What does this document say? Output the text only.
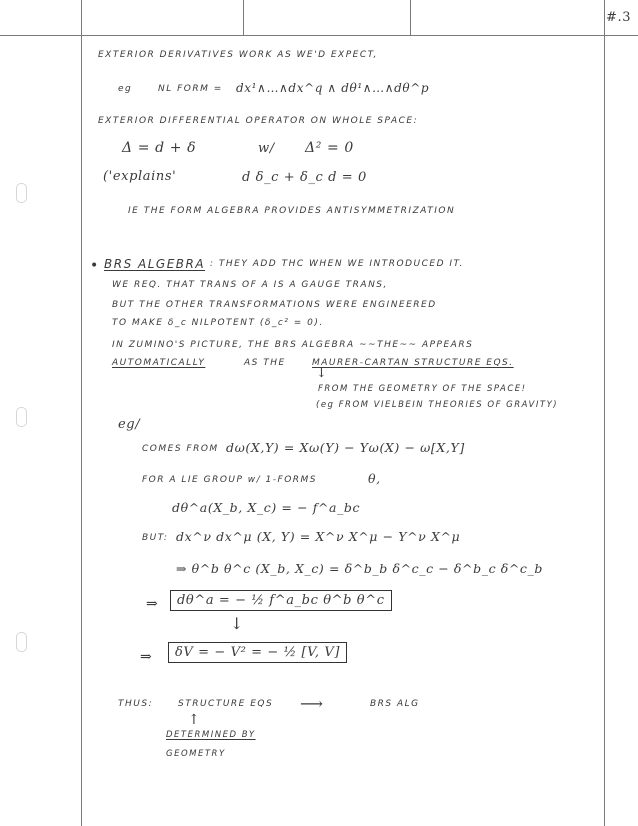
#.3
EXTERIOR DERIVATIVES WORK AS WE'D EXPECT,
eg	NL FORM = dx¹∧…∧dx^q ∧ dθ¹∧…∧dθ^p
EXTERIOR DIFFERENTIAL OPERATOR ON WHOLE SPACE:
Δ = d + δ	w/ Δ² = 0
('explains'	d δ_c + δ_c d = 0
IE THE FORM ALGEBRA PROVIDES ANTISYMMETRIZATION
• BRS ALGEBRA : THEY ADD THC WHEN WE INTRODUCED IT.
WE REQ. THAT TRANS OF A IS A GAUGE TRANS,
BUT THE OTHER TRANSFORMATIONS WERE ENGINEERED
TO MAKE δ_c NILPOTENT (δ_c² = 0).
IN ZUMINO'S PICTURE, THE BRS ALGEBRA ~~THE~~ APPEARS
AUTOMATICALLY	AS THE	MAURER-CARTAN STRUCTURE EQS.
↓
FROM THE GEOMETRY OF THE SPACE!
(eg FROM VIELBEIN THEORIES OF GRAVITY)
eg/
COMES FROM dω(X,Y) = Xω(Y) − Yω(X) − ω[X,Y]
FOR A LIE GROUP w/ 1-FORMS	θ,
dθ^a(X_b, X_c) = − f^a_bc
BUT: dx^ν dx^μ (X, Y) = X^ν X^μ − Y^ν X^μ
⇒ θ^b θ^c (X_b, X_c) = δ^b_b δ^c_c − δ^b_c δ^c_b
⇒	dθ^a = − ½ f^a_bc θ^b θ^c
↓
⇒	δV = − V² = − ½ [V, V]
THUS:	STRUCTURE EQS ⟶	BRS ALG
↑
DETERMINED BY
GEOMETRY
